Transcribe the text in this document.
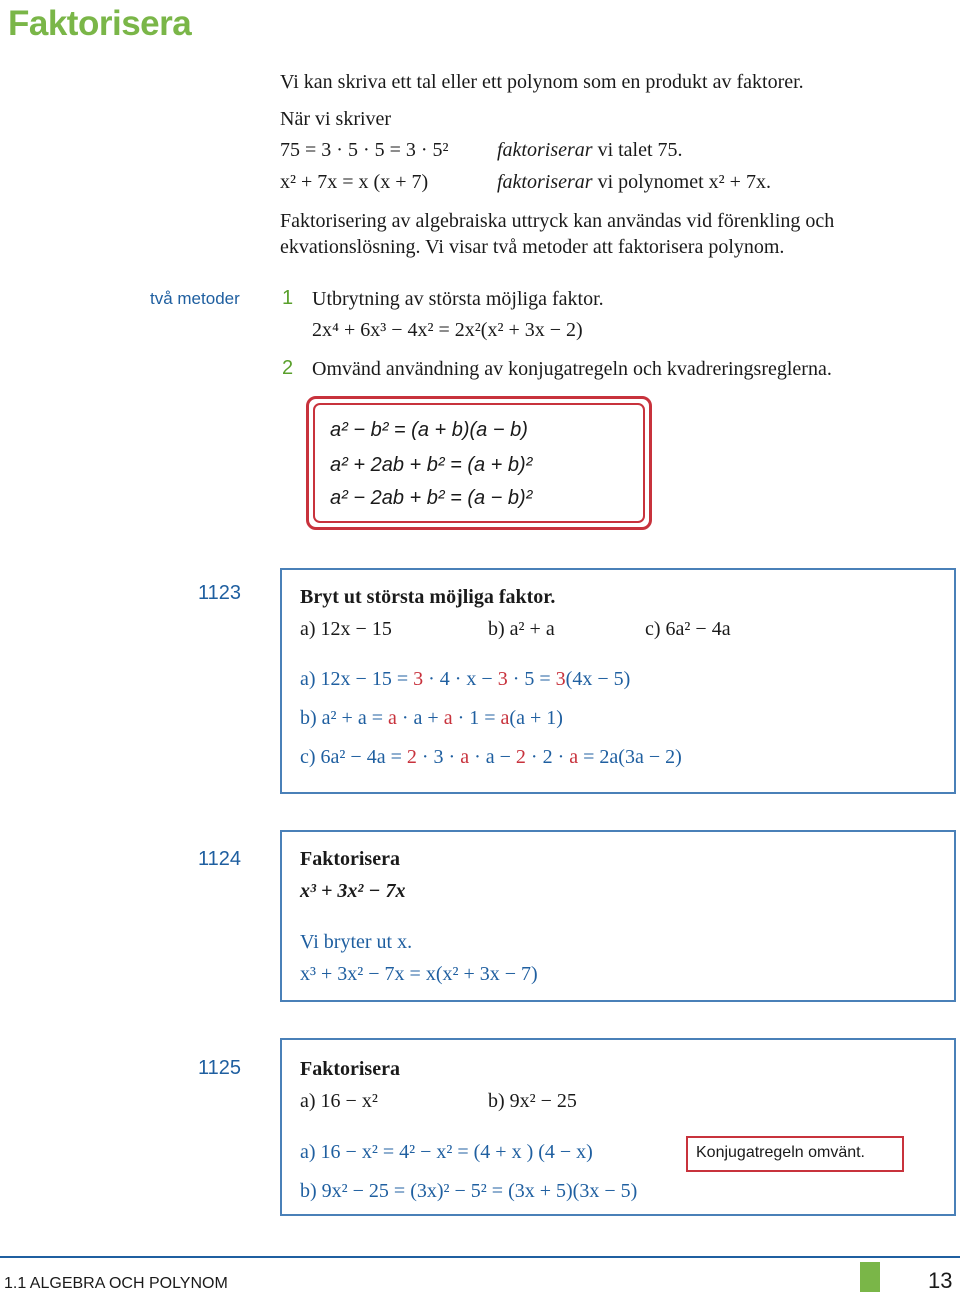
Faktorisera
Vi kan skriva ett tal eller ett polynom som en produkt av faktorer.
När vi skriver
75 = 3 · 5 · 5 = 3 · 5² faktoriserar vi talet 75.
x² + 7x = x (x + 7)	faktoriserar vi polynomet x² + 7x.
Faktorisering av algebraiska uttryck kan användas vid förenkling och
ekvationslösning. Vi visar två metoder att faktorisera polynom.
två metoder 1 Utbrytning av största möjliga faktor.
2x⁴ + 6x³ − 4x² = 2x²(x² + 3x − 2)
2 Omvänd användning av konjugatregeln och kvadreringsreglerna.
a² − b² = (a + b)(a − b)
a² + 2ab + b² = (a + b)²
a² − 2ab + b² = (a − b)²
1123	Bryt ut största möjliga faktor.
a) 12x − 15	b) a² + a	c) 6a² − 4a
a) 12x − 15 = 3 · 4 · x − 3 · 5 = 3(4x − 5)
b) a² + a = a · a + a · 1 = a(a + 1)
c) 6a² − 4a = 2 · 3 · a · a − 2 · 2 · a = 2a(3a − 2)
1124	Faktorisera
x³ + 3x² − 7x
Vi bryter ut x.
x³ + 3x² − 7x = x(x² + 3x − 7)
1125	Faktorisera
a) 16 − x²	b) 9x² − 25
a) 16 − x² = 4² − x² = (4 + x ) (4 − x)	Konjugatregeln omvänt.
b) 9x² − 25 = (3x)² − 5² = (3x + 5)(3x − 5)
1.1 ALGEBRA OCH POLYNOM	13
